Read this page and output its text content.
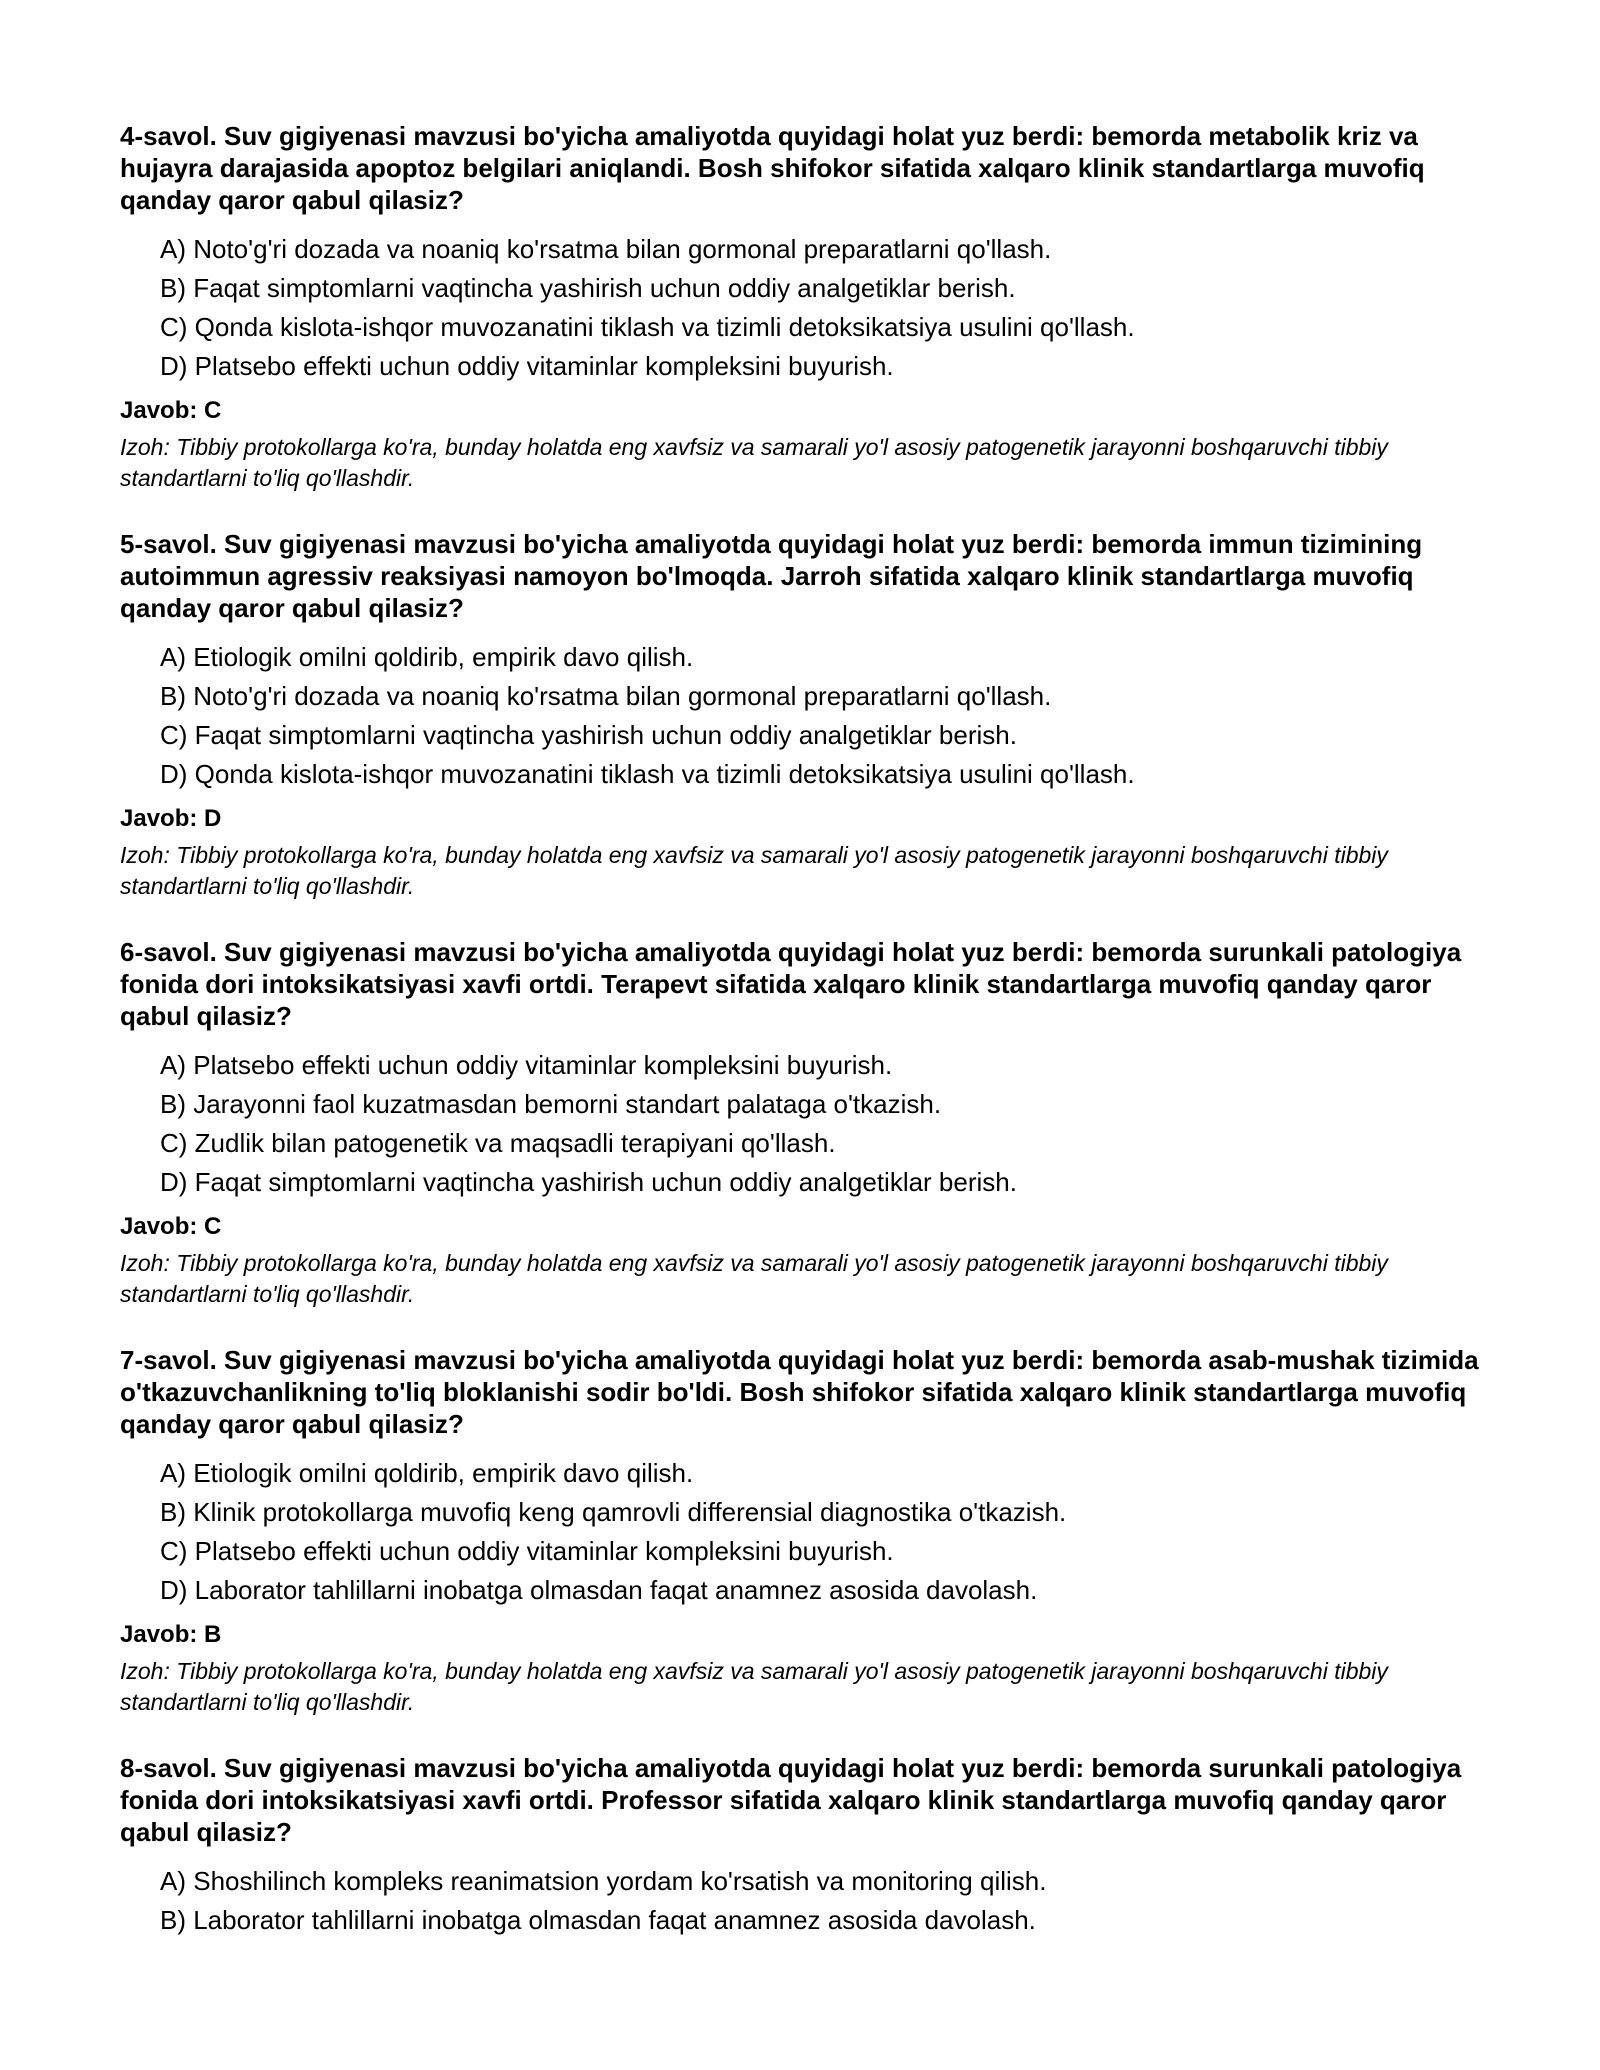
4-savol. Suv gigiyenasi mavzusi bo'yicha amaliyotda quyidagi holat yuz berdi: bemorda metabolik kriz va hujayra darajasida apoptoz belgilari aniqlandi. Bosh shifokor sifatida xalqaro klinik standartlarga muvofiq qanday qaror qabul qilasiz?

A) Noto'g'ri dozada va noaniq ko'rsatma bilan gormonal preparatlarni qo'llash.
B) Faqat simptomlarni vaqtincha yashirish uchun oddiy analgetiklar berish.
C) Qonda kislota-ishqor muvozanatini tiklash va tizimli detoksikatsiya usulini qo'llash.
D) Platsebo effekti uchun oddiy vitaminlar kompleksini buyurish.
Javob: C
Izoh: Tibbiy protokollarga ko'ra, bunday holatda eng xavfsiz va samarali yo'l asosiy patogenetik jarayonni boshqaruvchi tibbiy standartlarni to'liq qo'llashdir.

5-savol. Suv gigiyenasi mavzusi bo'yicha amaliyotda quyidagi holat yuz berdi: bemorda immun tizimining autoimmun agressiv reaksiyasi namoyon bo'lmoqda. Jarroh sifatida xalqaro klinik standartlarga muvofiq qanday qaror qabul qilasiz?

A) Etiologik omilni qoldirib, empirik davo qilish.
B) Noto'g'ri dozada va noaniq ko'rsatma bilan gormonal preparatlarni qo'llash.
C) Faqat simptomlarni vaqtincha yashirish uchun oddiy analgetiklar berish.
D) Qonda kislota-ishqor muvozanatini tiklash va tizimli detoksikatsiya usulini qo'llash.
Javob: D
Izoh: Tibbiy protokollarga ko'ra, bunday holatda eng xavfsiz va samarali yo'l asosiy patogenetik jarayonni boshqaruvchi tibbiy standartlarni to'liq qo'llashdir.

6-savol. Suv gigiyenasi mavzusi bo'yicha amaliyotda quyidagi holat yuz berdi: bemorda surunkali patologiya fonida dori intoksikatsiyasi xavfi ortdi. Terapevt sifatida xalqaro klinik standartlarga muvofiq qanday qaror qabul qilasiz?

A) Platsebo effekti uchun oddiy vitaminlar kompleksini buyurish.
B) Jarayonni faol kuzatmasdan bemorni standart palataga o'tkazish.
C) Zudlik bilan patogenetik va maqsadli terapiyani qo'llash.
D) Faqat simptomlarni vaqtincha yashirish uchun oddiy analgetiklar berish.
Javob: C
Izoh: Tibbiy protokollarga ko'ra, bunday holatda eng xavfsiz va samarali yo'l asosiy patogenetik jarayonni boshqaruvchi tibbiy standartlarni to'liq qo'llashdir.

7-savol. Suv gigiyenasi mavzusi bo'yicha amaliyotda quyidagi holat yuz berdi: bemorda asab-mushak tizimida o'tkazuvchanlikning to'liq bloklanishi sodir bo'ldi. Bosh shifokor sifatida xalqaro klinik standartlarga muvofiq qanday qaror qabul qilasiz?

A) Etiologik omilni qoldirib, empirik davo qilish.
B) Klinik protokollarga muvofiq keng qamrovli differensial diagnostika o'tkazish.
C) Platsebo effekti uchun oddiy vitaminlar kompleksini buyurish.
D) Laborator tahlillarni inobatga olmasdan faqat anamnez asosida davolash.
Javob: B
Izoh: Tibbiy protokollarga ko'ra, bunday holatda eng xavfsiz va samarali yo'l asosiy patogenetik jarayonni boshqaruvchi tibbiy standartlarni to'liq qo'llashdir.

8-savol. Suv gigiyenasi mavzusi bo'yicha amaliyotda quyidagi holat yuz berdi: bemorda surunkali patologiya fonida dori intoksikatsiyasi xavfi ortdi. Professor sifatida xalqaro klinik standartlarga muvofiq qanday qaror qabul qilasiz?

A) Shoshilinch kompleks reanimatsion yordam ko'rsatish va monitoring qilish.
B) Laborator tahlillarni inobatga olmasdan faqat anamnez asosida davolash.
